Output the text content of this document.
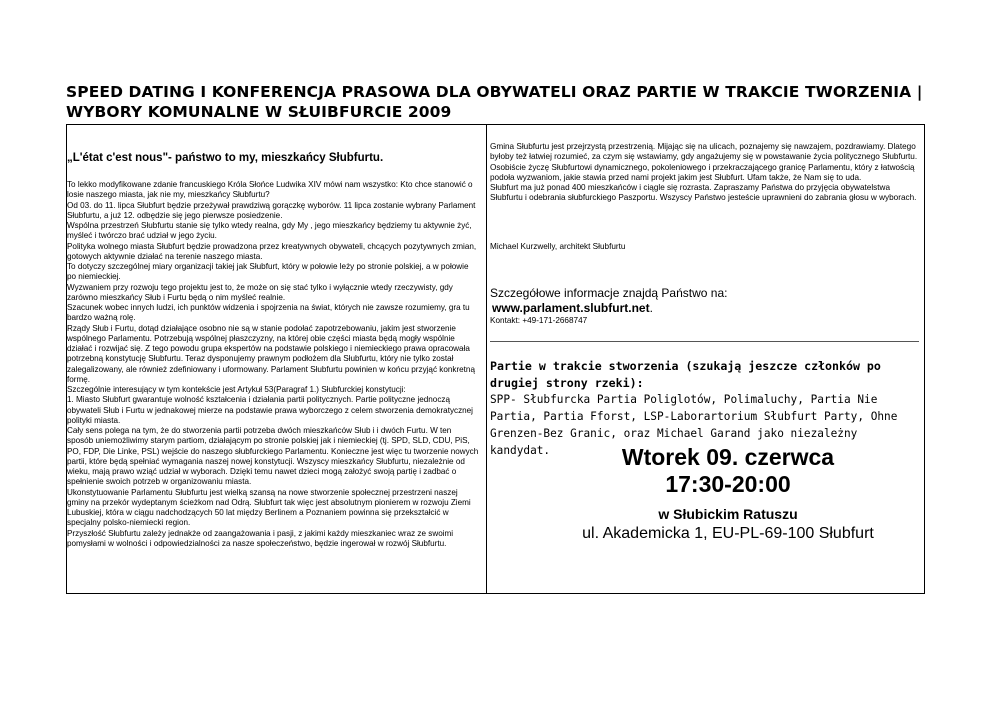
SPEED DATING I KONFERENCJA PRASOWA DLA OBYWATELI ORAZ PARTIE W TRAKCIE TWORZENIA | WYBORY KOMUNALNE W SŁUIBFURCIE 2009
„L'état c'est nous"- państwo to my, mieszkańcy Słubfurtu.

To lekko modyfikowane zdanie francuskiego Króla Słońce Ludwika XIV mówi nam wszystko: Kto chce stanowić o losie naszego miasta, jak nie my, mieszkańcy Słubfurtu?

Od 03. do 11. lipca Słubfurt będzie przeżywał prawdziwą gorączkę wyborów. 11 lipca zostanie wybrany Parlament Słubfurtu, a już 12. odbędzie się jego pierwsze posiedzenie.

Wspólna przestrzeń Słubfurtu stanie się tylko wtedy realna, gdy My , jego mieszkańcy będziemy tu aktywnie żyć, myśleć i twórczo brać udział w jego życiu.

Polityka wolnego miasta Słubfurt będzie prowadzona przez kreatywnych obywateli, chcących pozytywnych zmian, gotowych aktywnie działać na terenie naszego miasta.

To dotyczy szczególnej miary organizacji takiej jak Słubfurt, który w połowie leży po stronie polskiej, a w połowie po niemieckiej.

Wyzwaniem przy rozwoju tego projektu jest to, że może on się stać tylko i wyłącznie wtedy rzeczywisty, gdy zarówno mieszkańcy Słub i Furtu będą o nim myśleć realnie.

Szacunek wobec innych ludzi, ich punktów widzenia i spojrzenia na świat, których nie zawsze rozumiemy, gra tu bardzo ważną rolę.

Rządy Słub i Furtu, dotąd działające osobno nie są w stanie podołać zapotrzebowaniu, jakim jest stworzenie wspólnego Parlamentu. Potrzebują wspólnej płaszczyzny, na której obie części miasta będą mogły wspólnie działać i rozwijać się. Z tego powodu grupa ekspertów na podstawie polskiego i niemieckiego prawa opracowała potrzebną konstytucję Słubfurtu. Teraz dysponujemy prawnym podłożem dla Słubfurtu, który nie tylko został zalegalizowany, ale również zdefiniowany i uformowany. Parlament Słubfurtu powinien w końcu przyjąć konkretną formę.

Szczególnie interesujący w tym kontekście jest Artykuł 53(Paragraf 1.) Słubfurckiej konstytucji:

1. Miasto Słubfurt gwarantuje wolność kształcenia i działania partii politycznych. Partie polityczne jednoczą obywateli Słub i Furtu w jednakowej mierze na podstawie prawa wyborczego z celem stworzenia demokratycznej polityki miasta.

Cały sens polega na tym, że do stworzenia partii potrzeba dwóch mieszkańców Słub i i dwóch Furtu. W ten sposób uniemożliwimy starym partiom, działającym po stronie polskiej jak i niemieckiej (tj. SPD, SLD, CDU, PiS, PO, FDP, Die Linke, PSL) wejście do naszego słubfurckiego Parlamentu. Konieczne jest więc tu tworzenie nowych partii, które będą spełniać wymagania naszej nowej konstytucji. Wszyscy mieszkańcy Słubfurtu, niezależnie od wieku, mają prawo wziąć udział w wyborach. Dzięki temu nawet dzieci mogą założyć swoją partię i zadbać o spełnienie swoich potrzeb w organizowaniu miasta.

Ukonstytuowanie Parlamentu Słubfurtu jest wielką szansą na nowe stworzenie społecznej przestrzeni naszej gminy na przekór wydeptanym ścieżkom nad Odrą. Słubfurt tak więc jest absolutnym pionierem w rozwoju Ziemi Lubuskiej, która w ciągu nadchodzących 50 lat między Berlinem a Poznaniem powinna się przekształcić w specjalny polsko-niemiecki region.

Przyszłość Słubfurtu zależy jednakże od zaangażowania i pasji, z jakimi każdy mieszkaniec wraz ze swoimi pomysłami w wolności i odpowiedzialności za nasze społeczeństwo, będzie ingerował w rozwój Słubfurtu.

Gmina Słubfurtu jest przejrzystą przestrzenią. Mijając się na ulicach, poznajemy się nawzajem, pozdrawiamy. Dlatego byłoby też łatwiej rozumieć, za czym się wstawiamy, gdy angażujemy się w powstawanie życia politycznego Słubfurtu. Osobiście życzę Słubfurtowi dynamicznego, pokoleniowego i przekraczającego granicę Parlamentu, który z łatwością podoła wyzwaniom, jakie stawia przed nami projekt jakim jest Słubfurt. Ufam także, że Nam się to uda.

Słubfurt ma już ponad 400 mieszkańców i ciągle się rozrasta. Zapraszamy Państwa do przyjęcia obywatelstwa Słubfurtu i odebrania słubfurckiego Paszportu. Wszyscy Państwo jesteście uprawnieni do zabrania głosu w wyborach.

Michael Kurzwelly, architekt Słubfurtu
Szczegółowe informacje znajdą Państwo na:
www.parlament.slubfurt.net.
Kontakt: +49-171-2668747
Partie w trakcie stworzenia (szukają jeszcze członków po drugiej strony rzeki):
SPP- Słubfurcka Partia Poliglotów, Polimaluchy, Partia Nie Partia, Partia Fforst, LSP-Laborartorium Słubfurt Party, Ohne Grenzen-Bez Granic, oraz Michael Garand jako niezależny kandydat.	Wtorek 09. czerwca
17:30-20:00
w Słubickim Ratuszu
ul. Akademicka 1, EU-PL-69-100 Słubfurt
